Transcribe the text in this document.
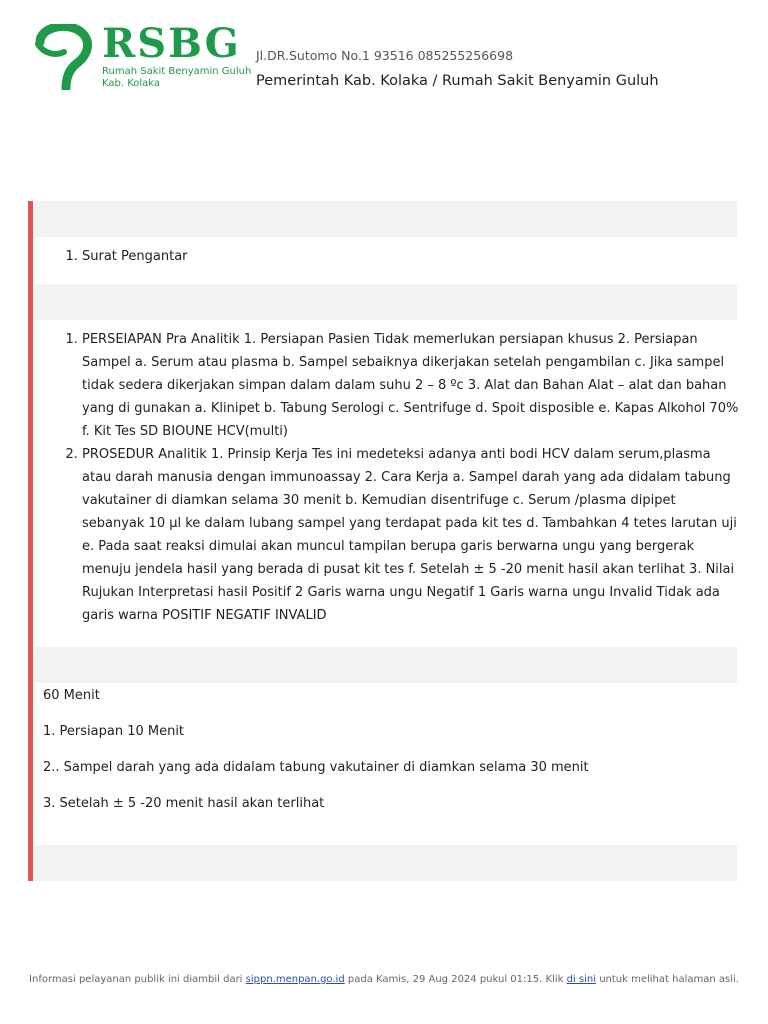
RSBG
Rumah Sakit Benyamin Guluh
Kab. Kolaka
Jl.DR.Sutomo No.1 93516 085255256698
Pemerintah Kab. Kolaka / Rumah Sakit Benyamin Guluh
1. Surat Pengantar
1. PERSEIAPAN Pra Analitik 1. Persiapan Pasien Tidak memerlukan persiapan khusus 2. Persiapan Sampel a. Serum atau plasma b. Sampel sebaiknya dikerjakan setelah pengambilan c. Jika sampel tidak sedera dikerjakan simpan dalam dalam suhu 2 – 8 ºc 3. Alat dan Bahan Alat – alat dan bahan yang di gunakan a. Klinipet b. Tabung Serologi c. Sentrifuge d. Spoit disposible e. Kapas Alkohol 70% f. Kit Tes SD BIOUNE HCV(multi)
2. PROSEDUR Analitik 1. Prinsip Kerja Tes ini medeteksi adanya anti bodi HCV dalam serum,plasma atau darah manusia dengan immunoassay 2. Cara Kerja a. Sampel darah yang ada didalam tabung vakutainer di diamkan selama 30 menit b. Kemudian disentrifuge c. Serum /plasma dipipet sebanyak 10 µl ke dalam lubang sampel yang terdapat pada kit tes d. Tambahkan 4 tetes larutan uji e. Pada saat reaksi dimulai akan muncul tampilan berupa garis berwarna ungu yang bergerak menuju jendela hasil yang berada di pusat kit tes f. Setelah ± 5 -20 menit hasil akan terlihat 3. Nilai Rujukan Interpretasi hasil Positif 2 Garis warna ungu Negatif 1 Garis warna ungu Invalid Tidak ada garis warna POSITIF NEGATIF INVALID

60 Menit

1. Persiapan 10 Menit

2.. Sampel darah yang ada didalam tabung vakutainer di diamkan selama 30 menit

3. Setelah ± 5 -20 menit hasil akan terlihat

Informasi pelayanan publik ini diambil dari sippn.menpan.go.id pada Kamis, 29 Aug 2024 pukul 01:15. Klik di sini untuk melihat halaman asli.
